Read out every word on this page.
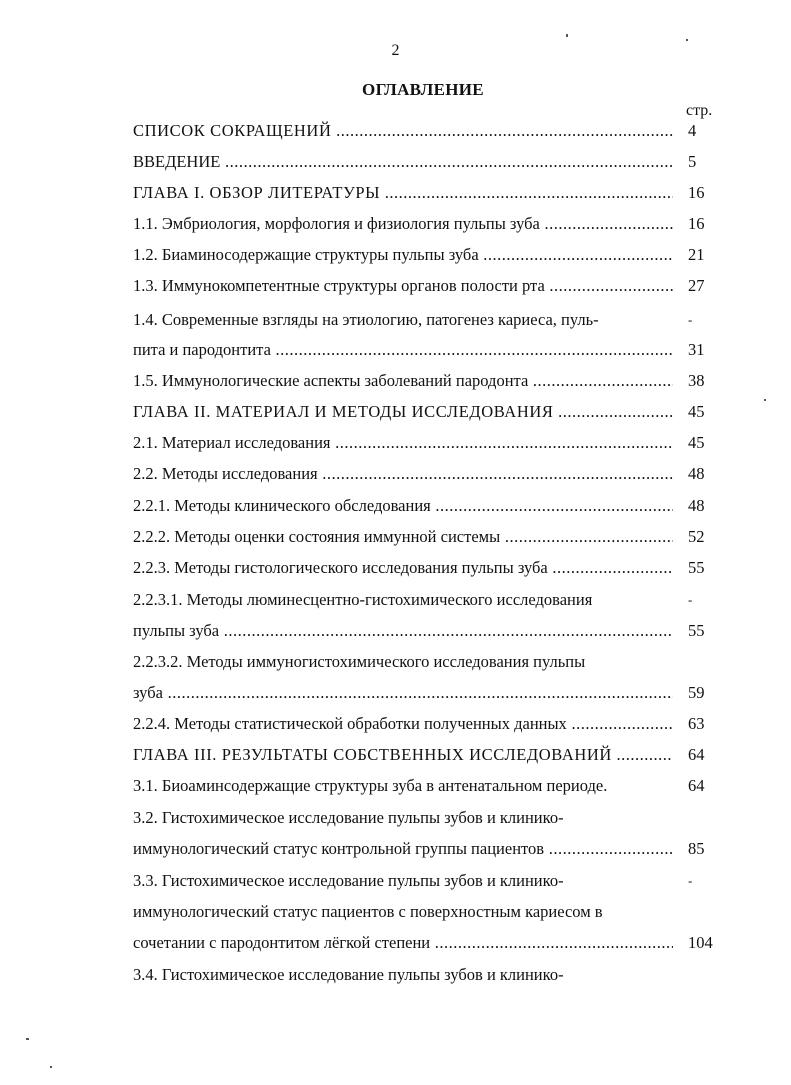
2
ОГЛАВЛЕНИЕ
стр.
СПИСОК СОКРАЩЕНИЙ .....	4
ВВЕДЕНИЕ .....	5
ГЛАВА I. ОБЗОР ЛИТЕРАТУРЫ .....	16
1.1. Эмбриология, морфология и физиология пульпы зуба .....	16
1.2. Биаминосодержащие структуры пульпы зуба .....	21
1.3. Иммунокомпетентные структуры органов полости рта .....	27
1.4. Современные взгляды на этиологию, патогенез кариеса, пуль-	-
пита и пародонтита .....	31
1.5. Иммунологические аспекты заболеваний пародонта .....	38
ГЛАВА II. МАТЕРИАЛ И МЕТОДЫ ИССЛЕДОВАНИЯ .....	45
2.1. Материал исследования .....	45
2.2. Методы исследования .....	48
2.2.1. Методы клинического обследования .....	48
2.2.2. Методы оценки состояния иммунной системы .....	52
2.2.3. Методы гистологического исследования пульпы зуба .....	55
2.2.3.1. Методы люминесцентно-гистохимического исследования	-
пульпы зуба .....	55
2.2.3.2. Методы иммуногистохимического исследования пульпы
зуба .....	59
2.2.4. Методы статистической обработки полученных данных .....	63
ГЛАВА III. РЕЗУЛЬТАТЫ СОБСТВЕННЫХ ИССЛЕДОВАНИЙ .....	64
3.1. Биоаминсодержащие структуры зуба в антенатальном периоде.	64
3.2. Гистохимическое исследование пульпы зубов и клинико-
иммунологический статус контрольной группы пациентов .....	85
3.3. Гистохимическое исследование пульпы зубов и клинико-	-
иммунологический статус пациентов с поверхностным кариесом в
сочетании с пародонтитом лёгкой степени .....	104
3.4. Гистохимическое исследование пульпы зубов и клинико-
